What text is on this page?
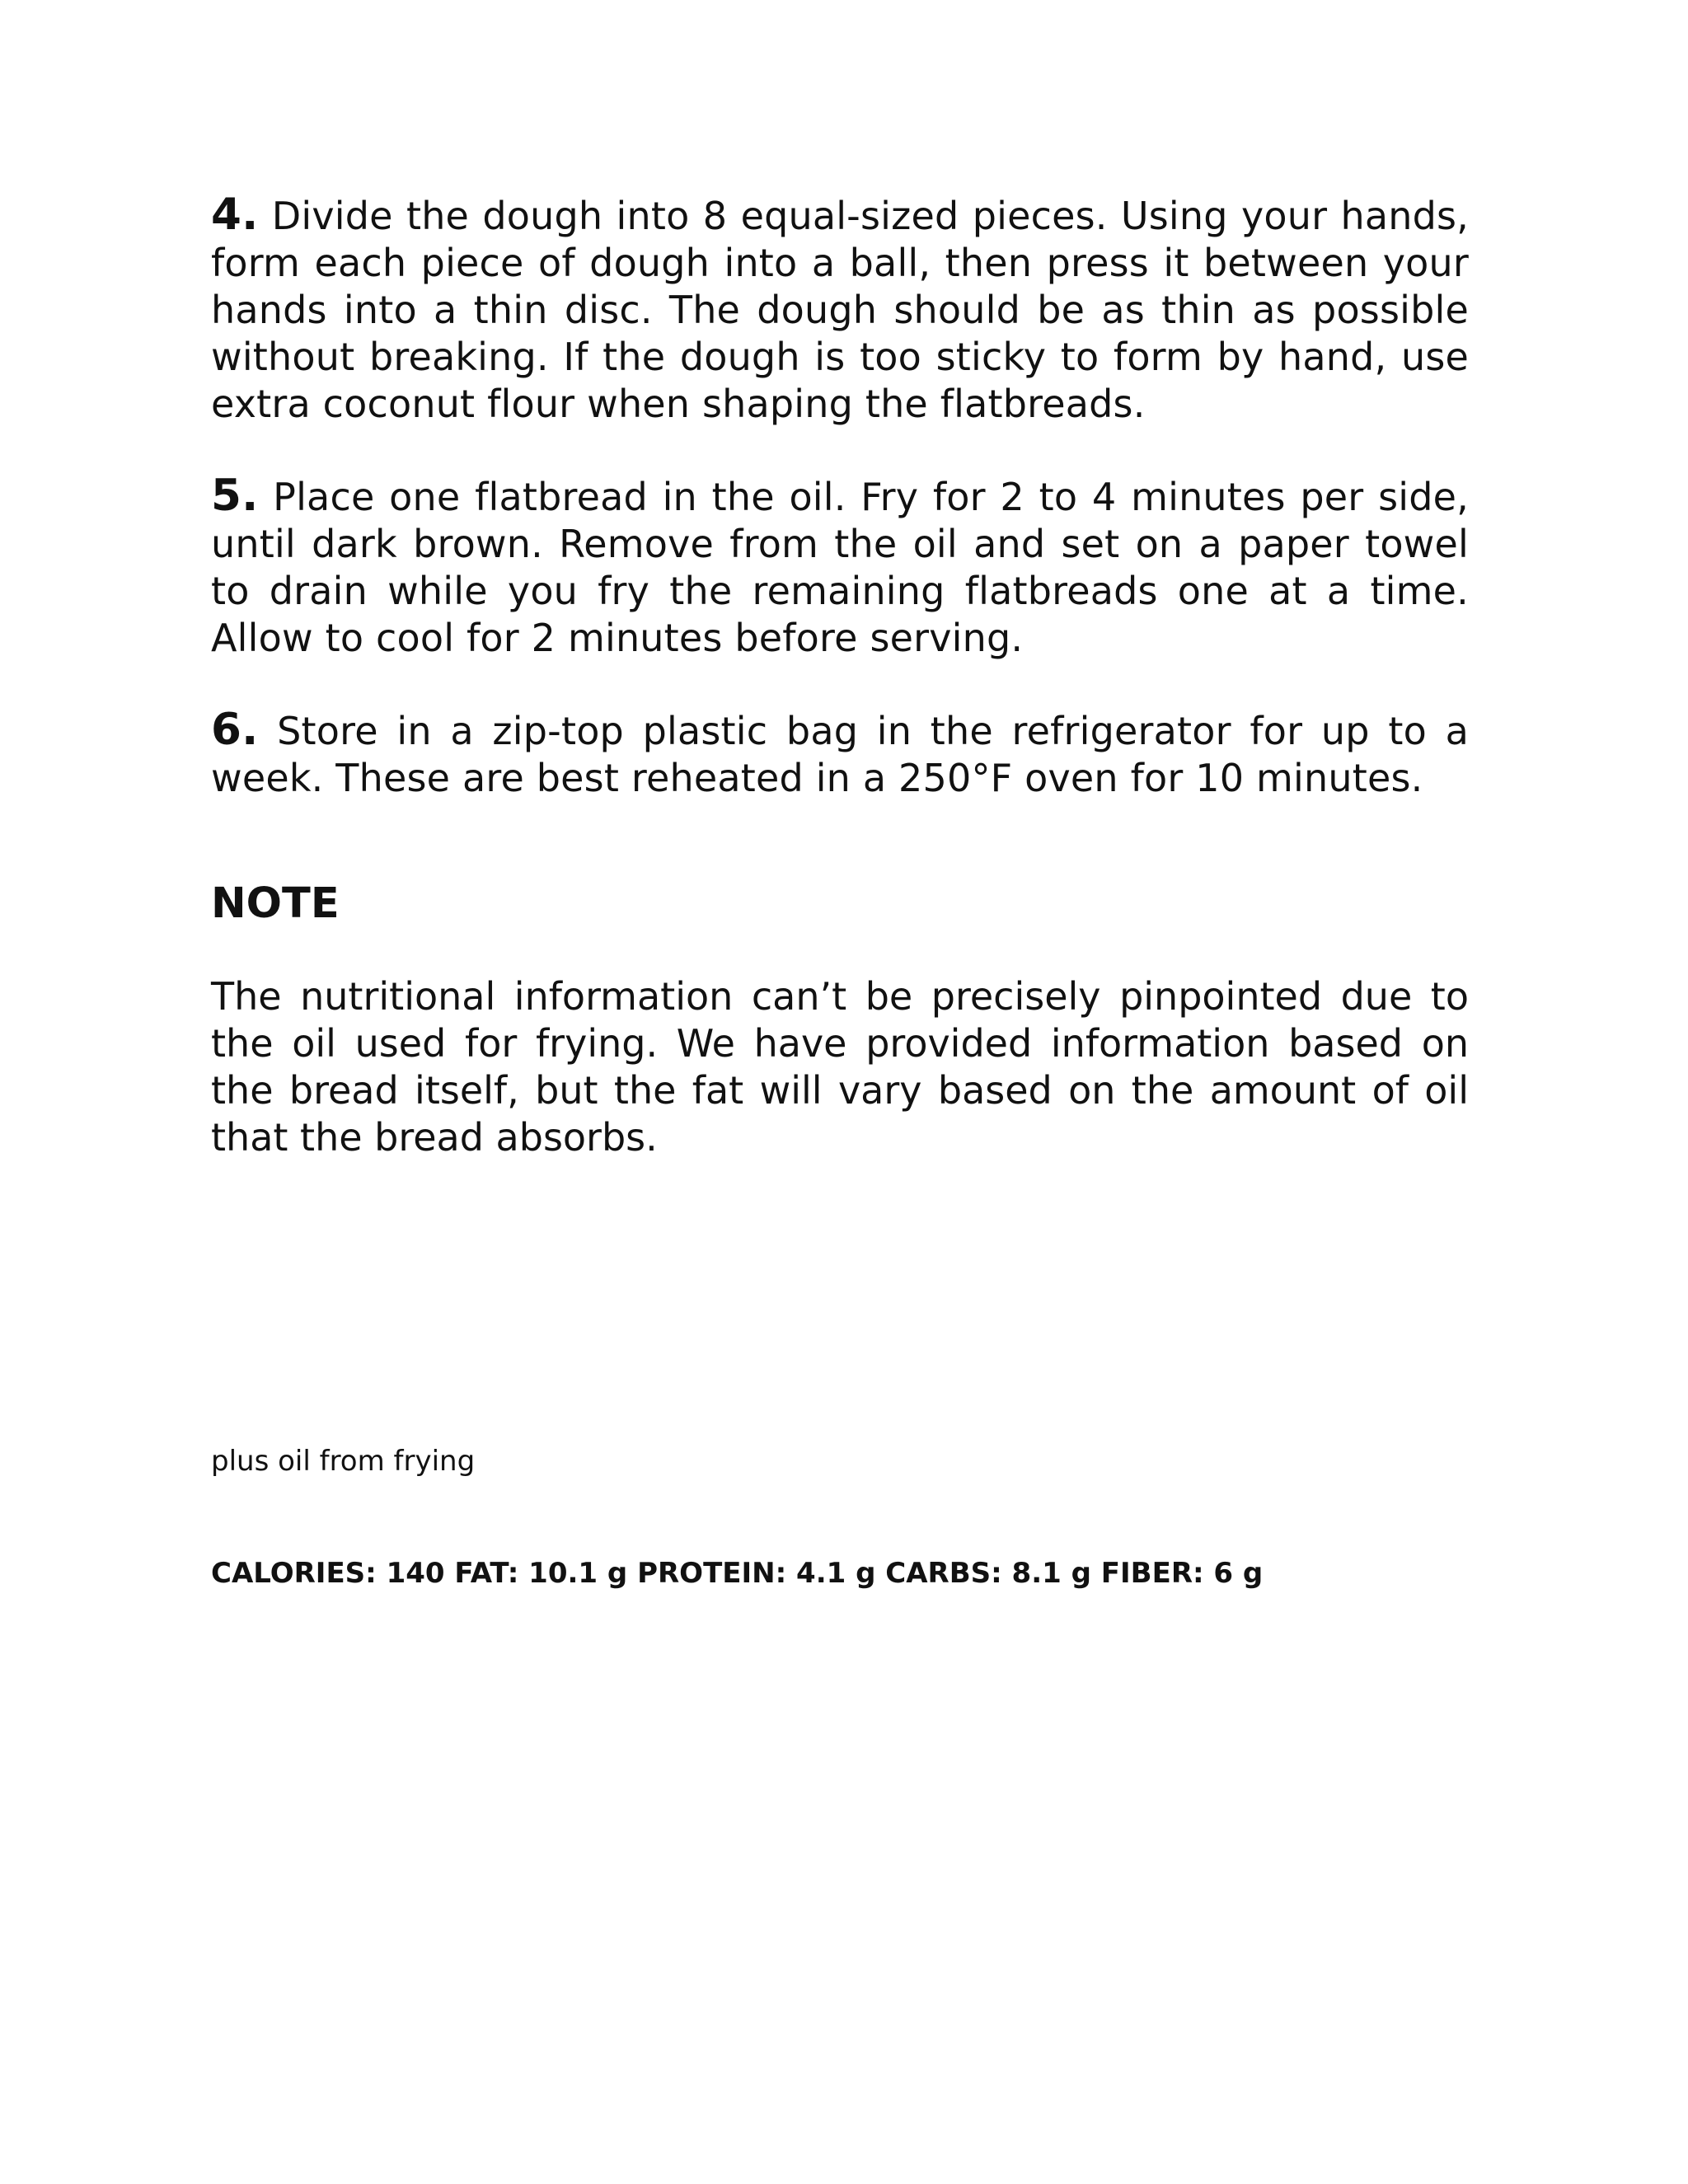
4. Divide the dough into 8 equal-sized pieces. Using your hands, form each piece of dough into a ball, then press it between your hands into a thin disc. The dough should be as thin as possible without breaking. If the dough is too sticky to form by hand, use extra coconut flour when shaping the flatbreads.

5. Place one flatbread in the oil. Fry for 2 to 4 minutes per side, until dark brown. Remove from the oil and set on a paper towel to drain while you fry the remaining flatbreads one at a time. Allow to cool for 2 minutes before serving.

6. Store in a zip-top plastic bag in the refrigerator for up to a week. These are best reheated in a 250°F oven for 10 minutes.

NOTE

The nutritional information can’t be precisely pinpointed due to the oil used for frying. We have provided information based on the bread itself, but the fat will vary based on the amount of oil that the bread absorbs.

plus oil from frying

CALORIES: 140 FAT: 10.1 g PROTEIN: 4.1 g CARBS: 8.1 g FIBER: 6 g
